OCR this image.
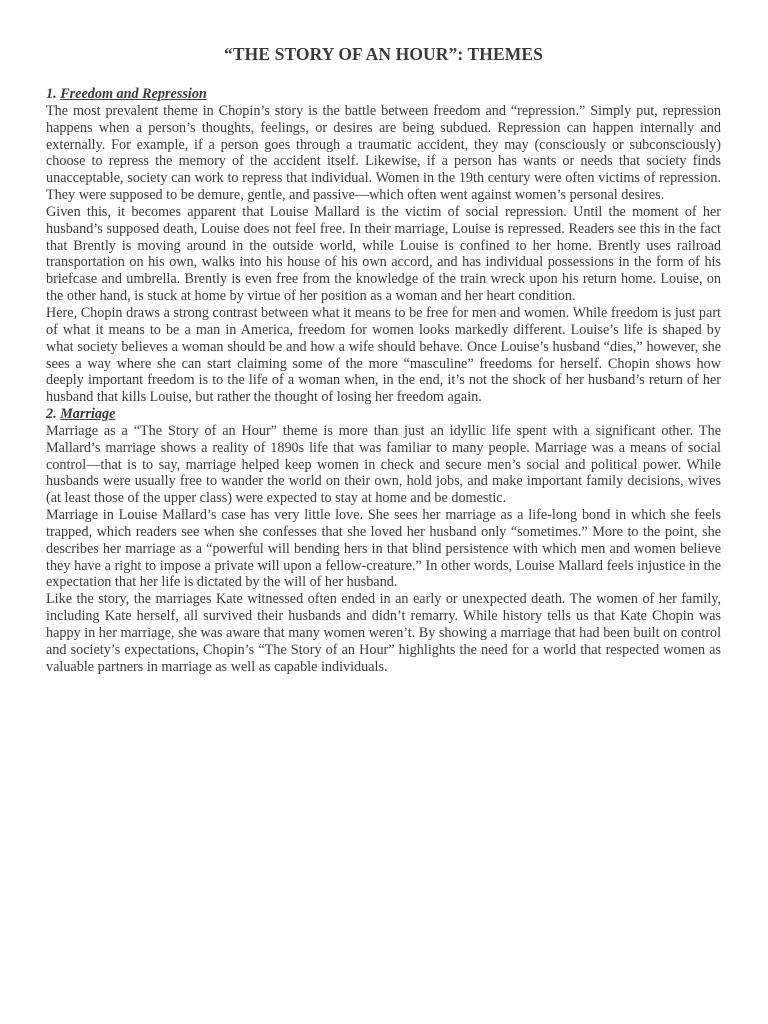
“THE STORY OF AN HOUR”: THEMES
1. Freedom and Repression

The most prevalent theme in Chopin’s story is the battle between freedom and “repression.” Simply put, repression happens when a person’s thoughts, feelings, or desires are being subdued. Repression can happen internally and externally. For example, if a person goes through a traumatic accident, they may (consciously or subconsciously) choose to repress the memory of the accident itself. Likewise, if a person has wants or needs that society finds unacceptable, society can work to repress that individual. Women in the 19th century were often victims of repression. They were supposed to be demure, gentle, and passive—which often went against women’s personal desires.

Given this, it becomes apparent that Louise Mallard is the victim of social repression. Until the moment of her husband’s supposed death, Louise does not feel free. In their marriage, Louise is repressed. Readers see this in the fact that Brently is moving around in the outside world, while Louise is confined to her home. Brently uses railroad transportation on his own, walks into his house of his own accord, and has individual possessions in the form of his briefcase and umbrella. Brently is even free from the knowledge of the train wreck upon his return home. Louise, on the other hand, is stuck at home by virtue of her position as a woman and her heart condition.

Here, Chopin draws a strong contrast between what it means to be free for men and women. While freedom is just part of what it means to be a man in America, freedom for women looks markedly different. Louise’s life is shaped by what society believes a woman should be and how a wife should behave. Once Louise’s husband “dies,” however, she sees a way where she can start claiming some of the more “masculine” freedoms for herself. Chopin shows how deeply important freedom is to the life of a woman when, in the end, it’s not the shock of her husband’s return of her husband that kills Louise, but rather the thought of losing her freedom again.

2. Marriage

Marriage as a “The Story of an Hour” theme is more than just an idyllic life spent with a significant other. The Mallard’s marriage shows a reality of 1890s life that was familiar to many people. Marriage was a means of social control—that is to say, marriage helped keep women in check and secure men’s social and political power. While husbands were usually free to wander the world on their own, hold jobs, and make important family decisions, wives (at least those of the upper class) were expected to stay at home and be domestic.

Marriage in Louise Mallard’s case has very little love. She sees her marriage as a life-long bond in which she feels trapped, which readers see when she confesses that she loved her husband only “sometimes.” More to the point, she describes her marriage as a “powerful will bending hers in that blind persistence with which men and women believe they have a right to impose a private will upon a fellow-creature.” In other words, Louise Mallard feels injustice in the expectation that her life is dictated by the will of her husband.

Like the story, the marriages Kate witnessed often ended in an early or unexpected death. The women of her family, including Kate herself, all survived their husbands and didn’t remarry. While history tells us that Kate Chopin was happy in her marriage, she was aware that many women weren’t. By showing a marriage that had been built on control and society’s expectations, Chopin’s “The Story of an Hour” highlights the need for a world that respected women as valuable partners in marriage as well as capable individuals.
